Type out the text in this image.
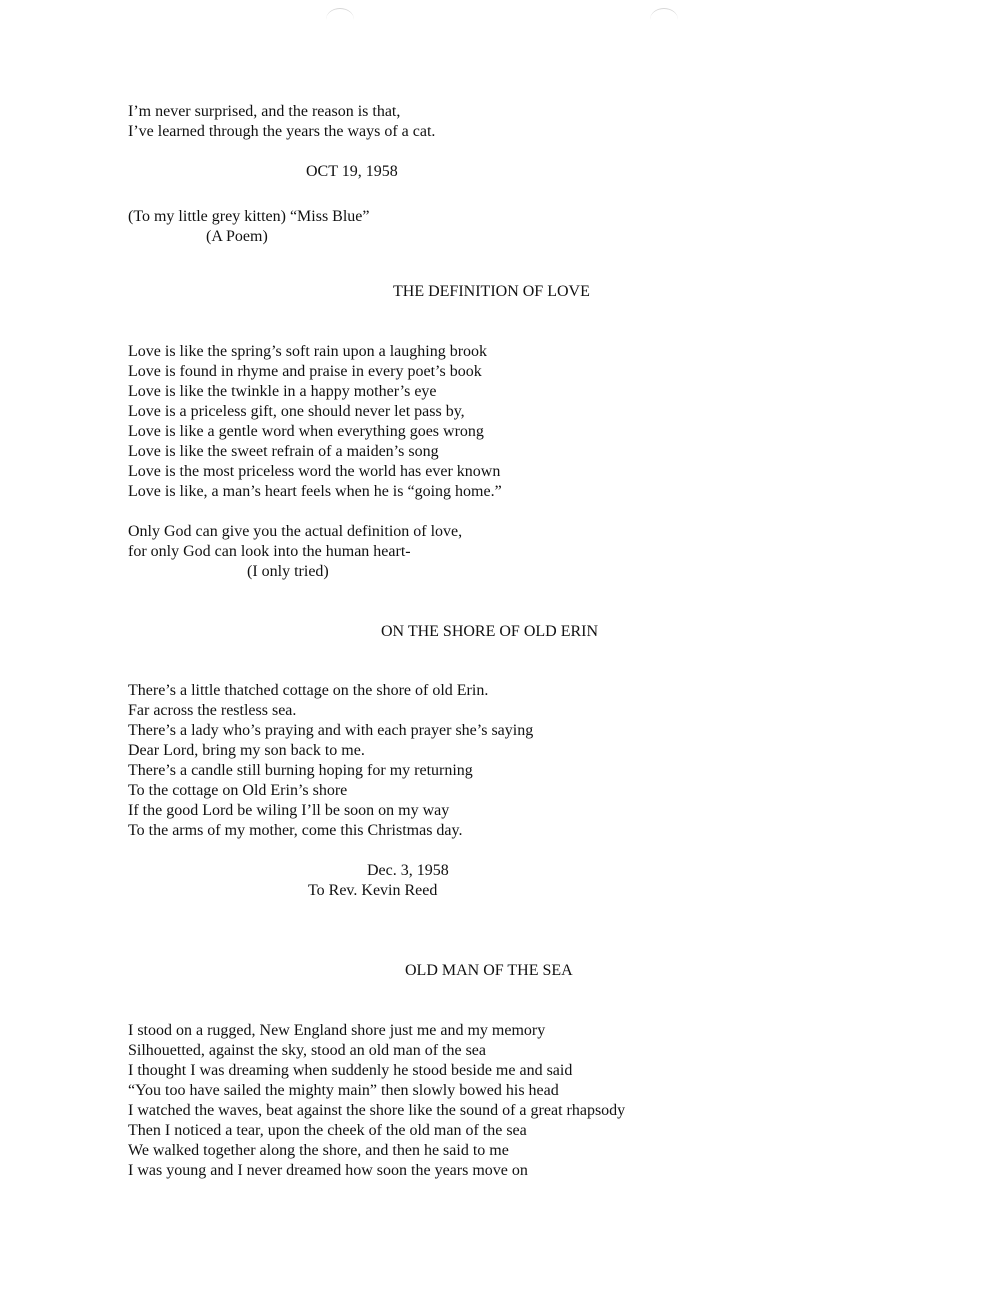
I’m never surprised, and the reason is that,
I’ve learned through the years the ways of a cat.
OCT 19, 1958
(To my little grey kitten) “Miss Blue”
(A Poem)
THE DEFINITION OF LOVE
Love is like the spring’s soft rain upon a laughing brook
Love is found in rhyme and praise in every poet’s book
Love is like the twinkle in a happy mother’s eye
Love is a priceless gift, one should never let pass by,
Love is like a gentle word when everything goes wrong
Love is like the sweet refrain of a maiden’s song
Love is the most priceless word the world has ever known
Love is like, a man’s heart feels when he is “going home.”
Only God can give you the actual definition of love,
for only God can look into the human heart-
(I only tried)
ON THE SHORE OF OLD ERIN
There’s a little thatched cottage on the shore of old Erin.
Far across the restless sea.
There’s a lady who’s praying and with each prayer she’s saying
Dear Lord, bring my son back to me.
There’s a candle still burning hoping for my returning
To the cottage on Old Erin’s shore
If the good Lord be wiling I’ll be soon on my way
To the arms of my mother, come this Christmas day.
Dec. 3, 1958
To Rev. Kevin Reed
OLD MAN OF THE SEA
I stood on a rugged, New England shore just me and my memory
Silhouetted, against the sky, stood an old man of the sea
I thought I was dreaming when suddenly he stood beside me and said
“You too have sailed the mighty main” then slowly bowed his head
I watched the waves, beat against the shore like the sound of a great rhapsody
Then I noticed a tear, upon the cheek of the old man of the sea
We walked together along the shore, and then he said to me
I was young and I never dreamed how soon the years move on
